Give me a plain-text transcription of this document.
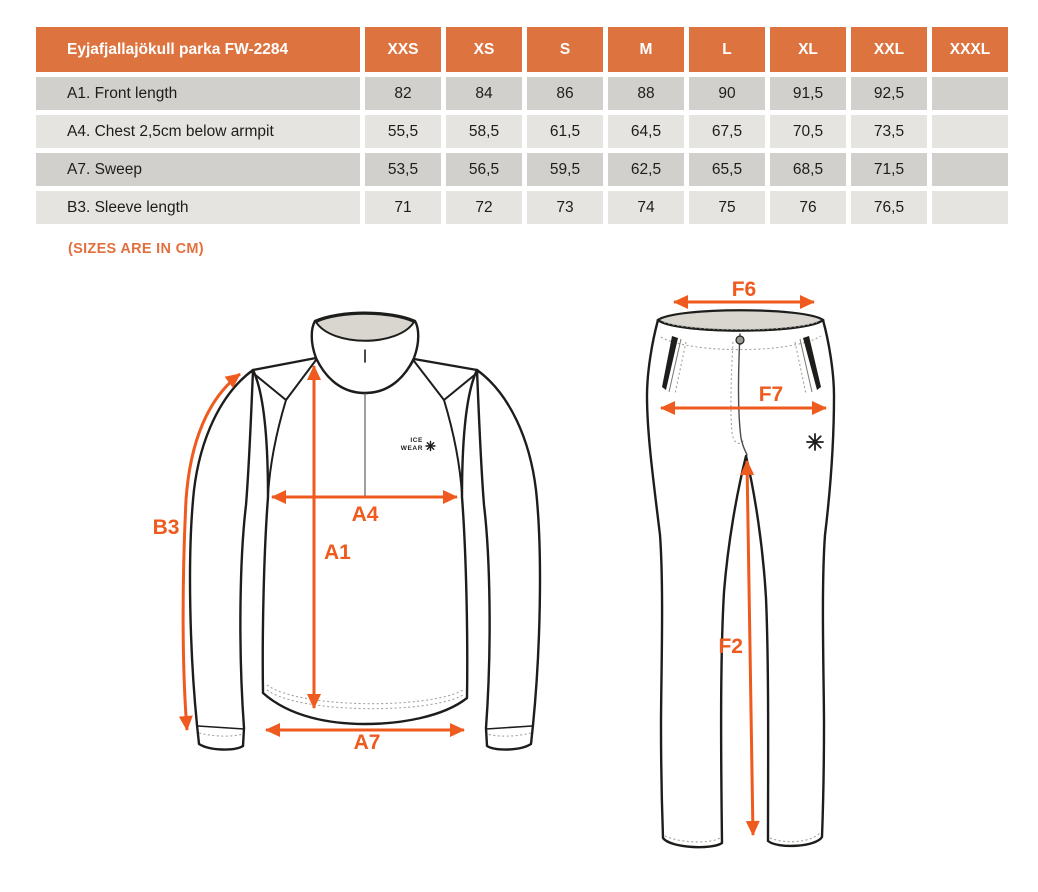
Eyjafjallajökull parka FW-2284	XXS	XS	S	M	L	XL	XXL	XXXL
A1. Front length	82	84	86	88	90	91,5	92,5
A4. Chest 2,5cm below armpit	55,5	58,5	61,5	64,5	67,5	70,5	73,5
A7. Sweep	53,5	56,5	59,5	62,5	65,5	68,5	71,5
B3. Sleeve length	71	72	73	74	75	76	76,5
(SIZES ARE IN CM)
ICE
WEAR
B3
A1
A4
A7
F6
F7
F2
